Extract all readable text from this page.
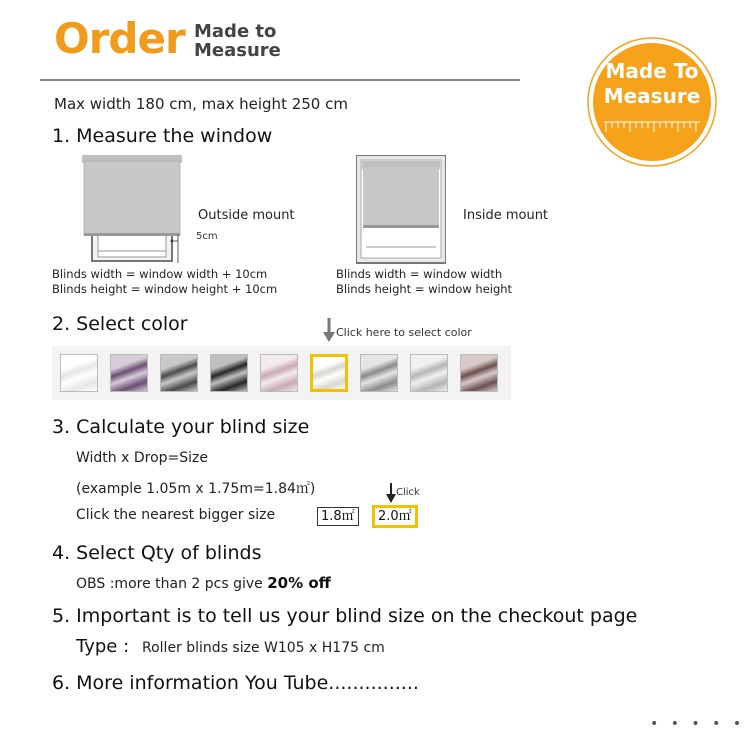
Order Made to
Measure
Made To
Measure
Max width 180 cm, max height 250 cm
1. Measure the window
Outside mount
5cm
Inside mount
Blinds width = window width + 10cm
Blinds height = window height + 10cm
Blinds width = window width
Blinds height = window height
2. Select color	Click here to select color
3. Calculate your blind size
Width x Drop=Size
(example 1.05m x 1.75m=1.84㎡)
Click the nearest bigger size	1.8㎡
Click
2.0㎡
4. Select Qty of blinds
OBS :more than 2 pcs give 20% off
5. Important is to tell us your blind size on the checkout page
Type : Roller blinds size W105 x H175 cm
6. More information You Tube...............
• • • • •
